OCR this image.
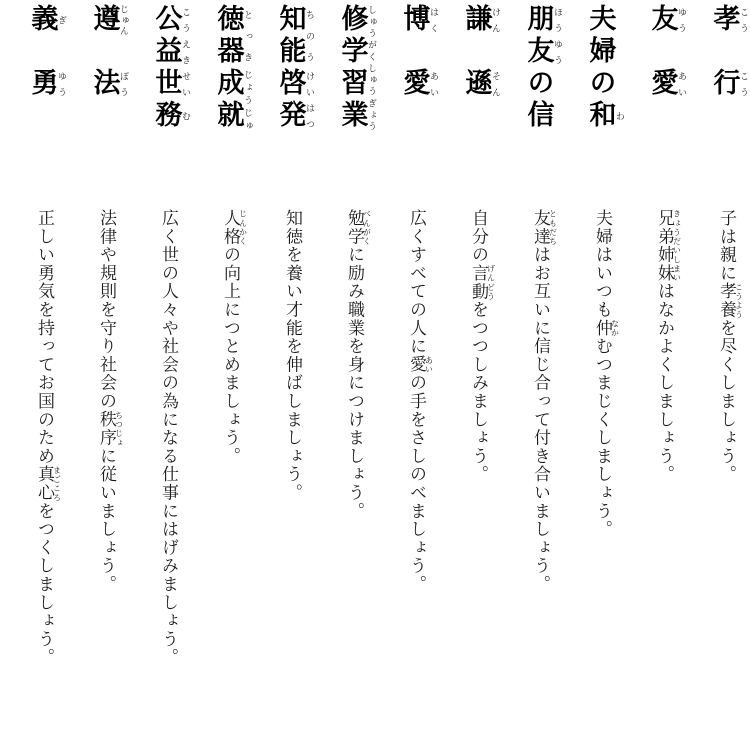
孝こう　行こう
子は親に孝養こうようを尽くしましょう。
友ゆう　愛あい
兄弟姉妹きょうだいしまいはなかよくしましょう。
夫婦の和わ
夫婦はいつも仲なかむつまじくしましょう。
朋ほう友ゆうの信
友達ともだちはお互いに信じ合って付き合いましょう。
謙けん　遜そん
自分の言動げんどうをつつしみましょう。
博はく　愛あい
広くすべての人に愛あいの手をさしのべましょう。
修学習業しゅうがくしゅうぎょう
勉学べんがくに励み職業を身につけましょう。
知能ちのう啓発けいはつ
知徳を養い才能を伸ばしましょう。
徳器とっき成就じょうじゅ
人格じんかくの向上につとめましょう。
公こう益えき世せい務む
広く世の人々や社会の為になる仕事にはげみましょう。
遵じゅん　法ぽう
法律や規則を守り社会の秩序ちつじょに従いましょう。
義ぎ　勇ゆう
正しい勇気を持ってお国のため真心まごころをつくしましょう。
